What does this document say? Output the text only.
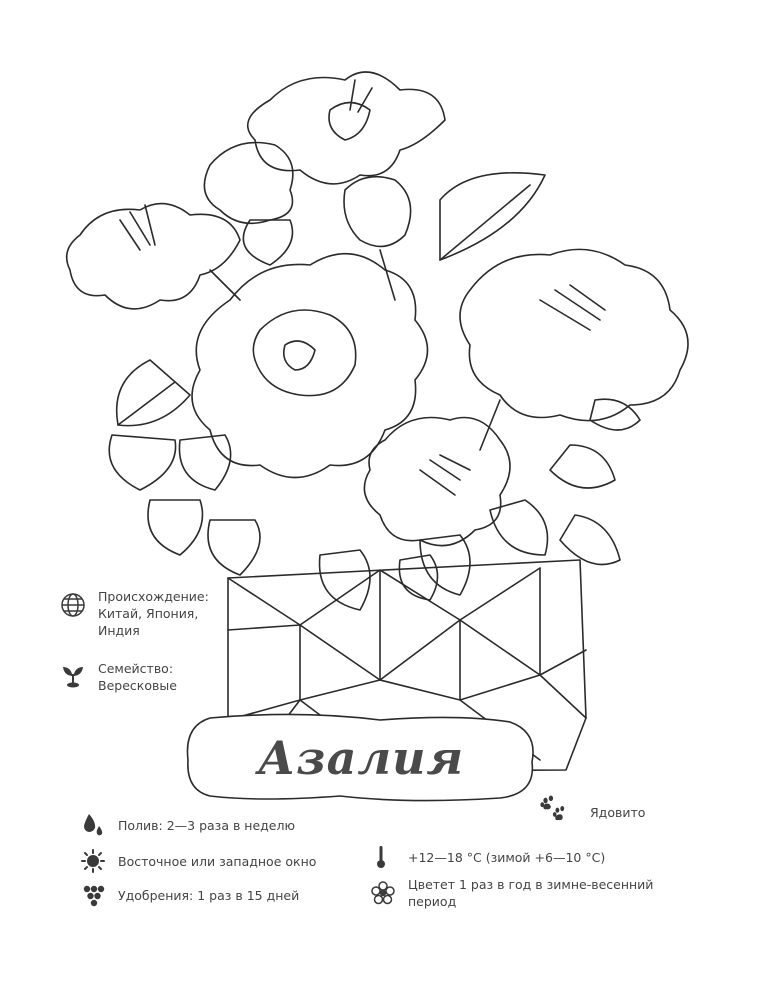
Азалия
Происхождение:
Китай, Япония,
Индия
Семейство:
Вересковые
Полив: 2—3 раза в неделю
Восточное или западное окно
Удобрения: 1 раз в 15 дней
Ядовито
+12—18 °C (зимой +6—10 °C)
Цветет 1 раз в год в зимне-весенний
период
